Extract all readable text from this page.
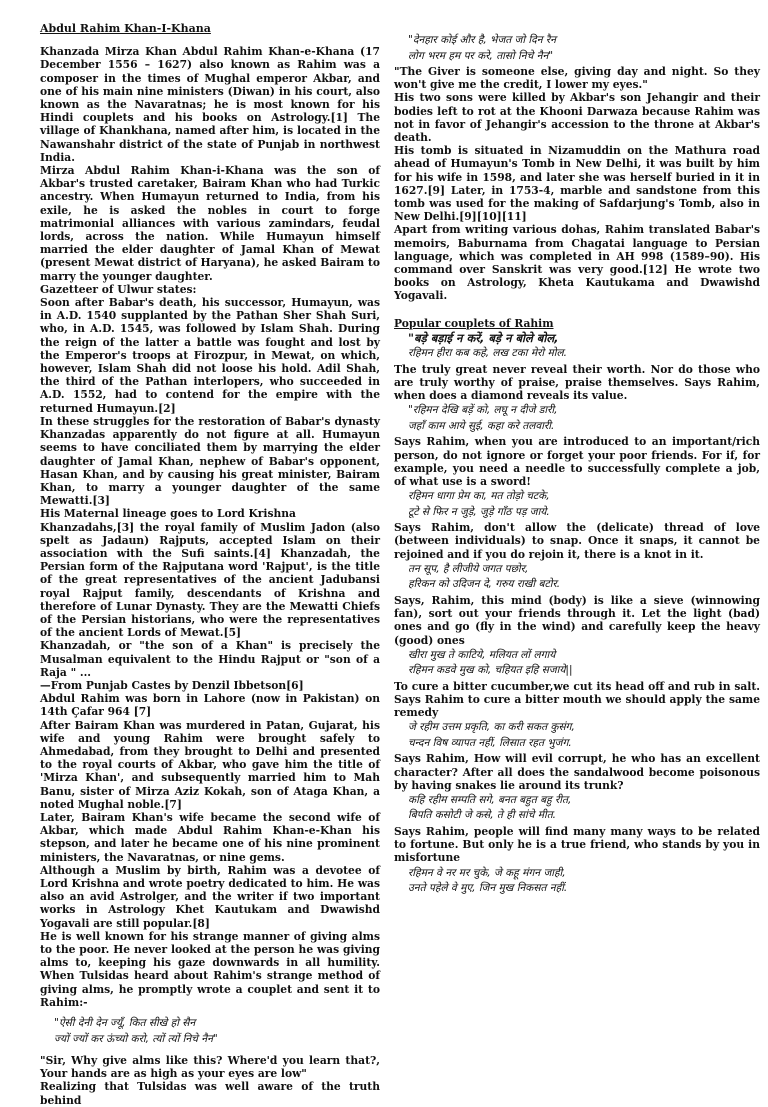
Abdul Rahim Khan-I-Khana

Khanzada Mirza Khan Abdul Rahim Khan-e-Khana (17 December 1556 – 1627) also known as Rahim was a composer in the times of Mughal emperor Akbar, and one of his main nine ministers (Diwan) in his court, also known as the Navaratnas; he is most known for his Hindi couplets and his books on Astrology.[1] The village of Khankhana, named after him, is located in the Nawanshahr district of the state of Punjab in northwest India.

Mirza Abdul Rahim Khan-i-Khana was the son of Akbar's trusted caretaker, Bairam Khan who had Turkic ancestry. When Humayun returned to India, from his exile, he is asked the nobles in court to forge matrimonial alliances with various zamindars, feudal lords, across the nation. While Humayun himself married the elder daughter of Jamal Khan of Mewat (present Mewat district of Haryana), he asked Bairam to marry the younger daughter.

Gazetteer of Ulwur states:

Soon after Babar's death, his successor, Humayun, was in A.D. 1540 supplanted by the Pathan Sher Shah Suri, who, in A.D. 1545, was followed by Islam Shah. During the reign of the latter a battle was fought and lost by the Emperor's troops at Firozpur, in Mewat, on which, however, Islam Shah did not loose his hold. Adil Shah, the third of the Pathan interlopers, who succeeded in A.D. 1552, had to contend for the empire with the returned Humayun.[2]

In these struggles for the restoration of Babar's dynasty Khanzadas apparently do not figure at all. Humayun seems to have conciliated them by marrying the elder daughter of Jamal Khan, nephew of Babar's opponent, Hasan Khan, and by causing his great minister, Bairam Khan, to marry a younger daughter of the same Mewatti.[3]

His Maternal lineage goes to Lord Krishna

Khanzadahs,[3] the royal family of Muslim Jadon (also spelt as Jadaun) Rajputs, accepted Islam on their association with the Sufi saints.[4] Khanzadah, the Persian form of the Rajputana word 'Rajput', is the title of the great representatives of the ancient Jadubansi royal Rajput family, descendants of Krishna and therefore of Lunar Dynasty. They are the Mewatti Chiefs of the Persian historians, who were the representatives of the ancient Lords of Mewat.[5]

Khanzadah, or "the son of a Khan" is precisely the Musalman equivalent to the Hindu Rajput or "son of a Raja " ...

—From Punjab Castes by Denzil Ibbetson[6]

Abdul Rahim was born in Lahore (now in Pakistan) on 14th Çafar 964 [7]

After Bairam Khan was murdered in Patan, Gujarat, his wife and young Rahim were brought safely to Ahmedabad, from they brought to Delhi and presented to the royal courts of Akbar, who gave him the title of 'Mirza Khan', and subsequently married him to Mah Banu, sister of Mirza Aziz Kokah, son of Ataga Khan, a noted Mughal noble.[7]

Later, Bairam Khan's wife became the second wife of Akbar, which made Abdul Rahim Khan-e-Khan his stepson, and later he became one of his nine prominent ministers, the Navaratnas, or nine gems.

Although a Muslim by birth, Rahim was a devotee of Lord Krishna and wrote poetry dedicated to him. He was also an avid Astrolger, and the writer if two important works in Astrology Khet Kautukam and Dwawishd Yogavali are still popular.[8]

He is well known for his strange manner of giving alms to the poor. He never looked at the person he was giving alms to, keeping his gaze downwards in all humility. When Tulsidas heard about Rahim's strange method of giving alms, he promptly wrote a couplet and sent it to Rahim:-

"ऐसी देनी देन ज्यूँ, कित सीखे हो सैन
ज्यों ज्यों कर ऊंच्यो करो, त्यों त्यों निचे नैन"

"Sir, Why give alms like this? Where'd you learn that?, Your hands are as high as your eyes are low"

Realizing that Tulsidas was well aware of the truth behind

"देनहार कोई और है, भेजत जो दिन रैन
लोग भरम हम पर करे, तासो निचे नैन"

"The Giver is someone else, giving day and night. So they won't give me the credit, I lower my eyes."

His two sons were killed by Akbar's son Jehangir and their bodies left to rot at the Khooni Darwaza because Rahim was not in favor of Jehangir's accession to the throne at Akbar's death.

His tomb is situated in Nizamuddin on the Mathura road ahead of Humayun's Tomb in New Delhi, it was built by him for his wife in 1598, and later she was herself buried in it in 1627.[9] Later, in 1753-4, marble and sandstone from this tomb was used for the making of Safdarjung's Tomb, also in New Delhi.[9][10][11]

Apart from writing various dohas, Rahim translated Babar's memoirs, Baburnama from Chagatai language to Persian language, which was completed in AH 998 (1589–90). His command over Sanskrit was very good.[12] He wrote two books on Astrology, Kheta Kautukama and Dwawishd Yogavali.

Popular couplets of Rahim
"बड़े बड़ाई न करें, बड़े न बोले बोल,
रहिमन हीरा कब कहे, लख टका मेरो मोल.

The truly great never reveal their worth. Nor do those who are truly worthy of praise, praise themselves. Says Rahim, when does a diamond reveals its value.

"रहिमन देखि बड़ें को, लघू न दीजे डारी,
जहाँ काम आये सुई, कहा करे तलवारी.

Says Rahim, when you are introduced to an important/rich person, do not ignore or forget your poor friends. For if, for example, you need a needle to successfully complete a job, of what use is a sword!

रहिमन धागा प्रेम का, मत तोड़ो चटके,
टूटे से फिर न जुड़े, जुड़े गाँठ पड़ जाये.

Says Rahim, don't allow the (delicate) thread of love (between individuals) to snap. Once it snaps, it cannot be rejoined and if you do rejoin it, there is a knot in it.

तन सूप, है लीजीये जगत पछोर,
हरिकन को उदिजन दे, गरुय राखी बटोर.

Says, Rahim, this mind (body) is like a sieve (winnowing fan), sort out your friends through it. Let the light (bad) ones and go (fly in the wind) and carefully keep the heavy (good) ones

खीरा मुख ते काटिये, मलियत लों लगाये
रहिमन कडवे मुख को, चहियत इहि सजाये||

To cure a bitter cucumber,we cut its head off and rub in salt. Says Rahim to cure a bitter mouth we should apply the same remedy

जे रहीम उत्तम प्रकृति, का करी सकत कुसंग,
चन्दन विष व्यापत नहीं, लिसात रहत भुजंग.

Says Rahim, How will evil corrupt, he who has an excellent character? After all does the sandalwood become poisonous by having snakes lie around its trunk?

कहि रहीम सम्पति सगे, बनत बहुत बहु रीत,
बिपति कसोटी जे कसे, ते ही सांचे मीत.

Says Rahim, people will find many many ways to be related to fortune. But only he is a true friend, who stands by you in misfortune

रहिमन वे नर मर चुके, जे कहू मंगन जाही,
उनते पहेले वे मुए, जिन मुख निकसत नहीं.
